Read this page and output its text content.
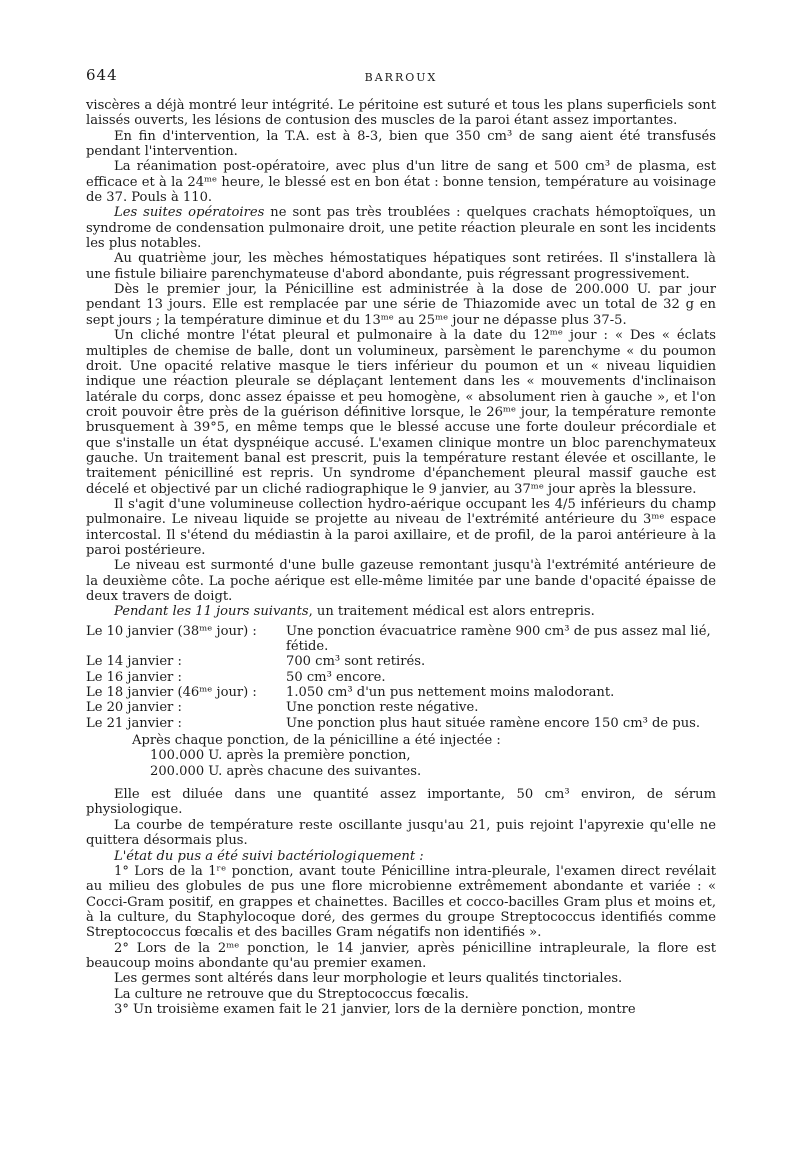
644	BARROUX

viscères a déjà montré leur intégrité. Le péritoine est suturé et tous les plans superficiels sont laissés ouverts, les lésions de contusion des muscles de la paroi étant assez importantes.

En fin d'intervention, la T.A. est à 8-3, bien que 350 cm³ de sang aient été transfusés pendant l'intervention.

La réanimation post-opératoire, avec plus d'un litre de sang et 500 cm³ de plasma, est efficace et à la 24ᵐᵉ heure, le blessé est en bon état : bonne tension, température au voisinage de 37. Pouls à 110.

Les suites opératoires ne sont pas très troublées : quelques crachats hémoptoïques, un syndrome de condensation pulmonaire droit, une petite réaction pleurale en sont les incidents les plus notables.

Au quatrième jour, les mèches hémostatiques hépatiques sont retirées. Il s'installera là une fistule biliaire parenchymateuse d'abord abondante, puis régressant progressivement.

Dès le premier jour, la Pénicilline est administrée à la dose de 200.000 U. par jour pendant 13 jours. Elle est remplacée par une série de Thiazomide avec un total de 32 g en sept jours ; la température diminue et du 13ᵐᵉ au 25ᵐᵉ jour ne dépasse plus 37-5.

Un cliché montre l'état pleural et pulmonaire à la date du 12ᵐᵉ jour : « Des « éclats multiples de chemise de balle, dont un volumineux, parsèment le parenchyme « du poumon droit. Une opacité relative masque le tiers inférieur du poumon et un « niveau liquidien indique une réaction pleurale se déplaçant lentement dans les « mouvements d'inclinaison latérale du corps, donc assez épaisse et peu homogène, « absolument rien à gauche », et l'on croit pouvoir être près de la guérison définitive lorsque, le 26ᵐᵉ jour, la température remonte brusquement à 39°5, en même temps que le blessé accuse une forte douleur précordiale et que s'installe un état dyspnéique accusé. L'examen clinique montre un bloc parenchymateux gauche. Un traitement banal est prescrit, puis la température restant élevée et oscillante, le traitement pénicilliné est repris. Un syndrome d'épanchement pleural massif gauche est décelé et objectivé par un cliché radiographique le 9 janvier, au 37ᵐᵉ jour après la blessure.

Il s'agit d'une volumineuse collection hydro-aérique occupant les 4/5 inférieurs du champ pulmonaire. Le niveau liquide se projette au niveau de l'extrémité antérieure du 3ᵐᵉ espace intercostal. Il s'étend du médiastin à la paroi axillaire, et de profil, de la paroi antérieure à la paroi postérieure.

Le niveau est surmonté d'une bulle gazeuse remontant jusqu'à l'extrémité antérieure de la deuxième côte. La poche aérique est elle-même limitée par une bande d'opacité épaisse de deux travers de doigt.

Pendant les 11 jours suivants, un traitement médical est alors entrepris.

Le 10 janvier (38ᵐᵉ jour) :	Une ponction évacuatrice ramène 900 cm³ de pus assez mal lié, fétide.
Le 14 janvier :	700 cm³ sont retirés.
Le 16 janvier :	50 cm³ encore.
Le 18 janvier (46ᵐᵉ jour) :	1.050 cm³ d'un pus nettement moins malodorant.
Le 20 janvier :	Une ponction reste négative.
Le 21 janvier :	Une ponction plus haut située ramène encore 150 cm³ de pus.

Après chaque ponction, de la pénicilline a été injectée :

100.000 U. après la première ponction,

200.000 U. après chacune des suivantes.

Elle est diluée dans une quantité assez importante, 50 cm³ environ, de sérum physiologique.

La courbe de température reste oscillante jusqu'au 21, puis rejoint l'apyrexie qu'elle ne quittera désormais plus.

L'état du pus a été suivi bactériologiquement :

1° Lors de la 1ʳᵉ ponction, avant toute Pénicilline intra-pleurale, l'examen direct revélait au milieu des globules de pus une flore microbienne extrêmement abondante et variée : « Cocci-Gram positif, en grappes et chainettes. Bacilles et cocco-bacilles Gram plus et moins et, à la culture, du Staphylocoque doré, des germes du groupe Streptococcus identifiés comme Streptococcus fœcalis et des bacilles Gram négatifs non identifiés ».

2° Lors de la 2ᵐᵉ ponction, le 14 janvier, après pénicilline intrapleurale, la flore est beaucoup moins abondante qu'au premier examen.

Les germes sont altérés dans leur morphologie et leurs qualités tinctoriales.

La culture ne retrouve que du Streptococcus fœcalis.

3° Un troisième examen fait le 21 janvier, lors de la dernière ponction, montre
